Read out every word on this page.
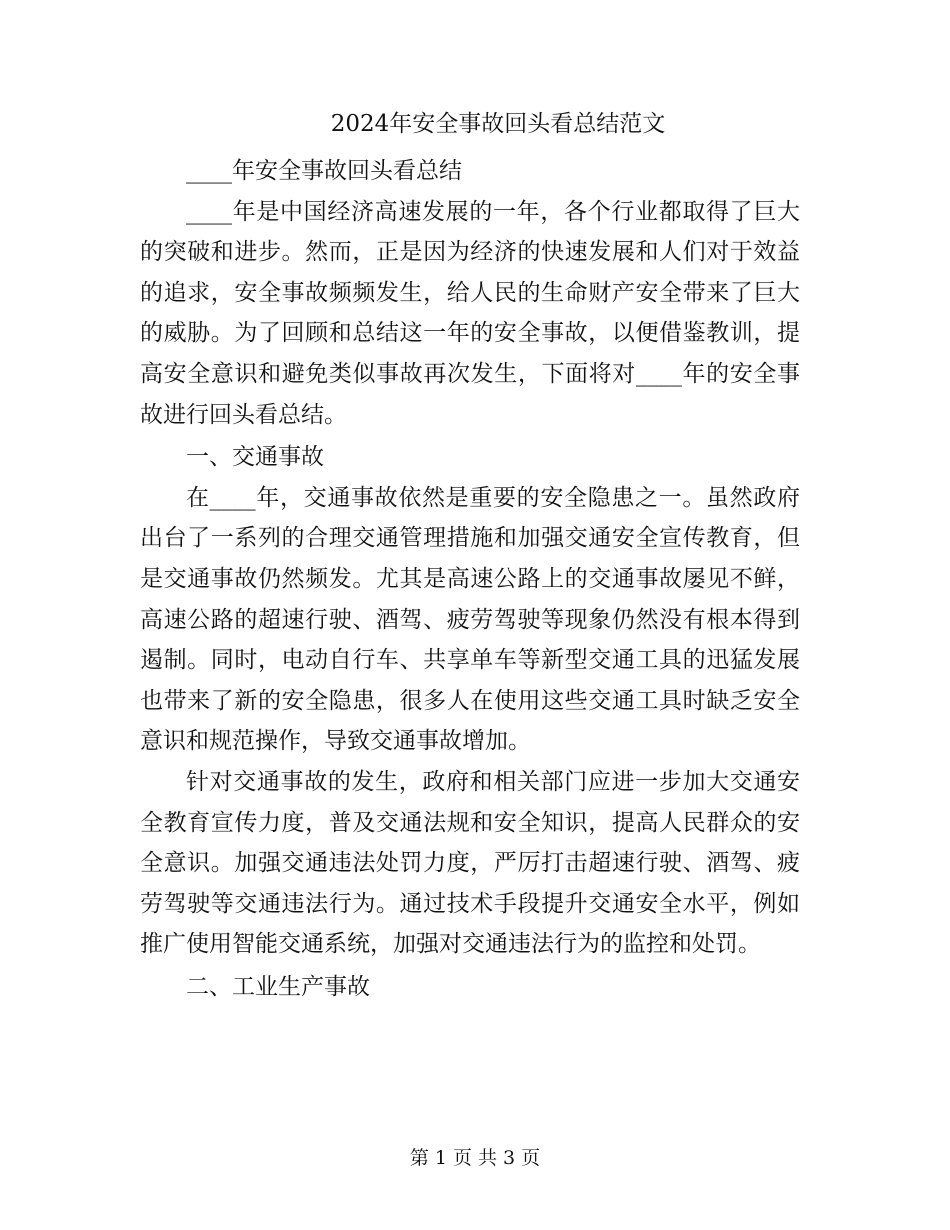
2024年安全事故回头看总结范文

____年安全事故回头看总结

____年是中国经济高速发展的一年，各个行业都取得了巨大的突破和进步。然而，正是因为经济的快速发展和人们对于效益的追求，安全事故频频发生，给人民的生命财产安全带来了巨大的威胁。为了回顾和总结这一年的安全事故，以便借鉴教训，提高安全意识和避免类似事故再次发生，下面将对____年的安全事故进行回头看总结。

一、交通事故

在____年，交通事故依然是重要的安全隐患之一。虽然政府出台了一系列的合理交通管理措施和加强交通安全宣传教育，但是交通事故仍然频发。尤其是高速公路上的交通事故屡见不鲜，高速公路的超速行驶、酒驾、疲劳驾驶等现象仍然没有根本得到遏制。同时，电动自行车、共享单车等新型交通工具的迅猛发展也带来了新的安全隐患，很多人在使用这些交通工具时缺乏安全意识和规范操作，导致交通事故增加。

针对交通事故的发生，政府和相关部门应进一步加大交通安全教育宣传力度，普及交通法规和安全知识，提高人民群众的安全意识。加强交通违法处罚力度，严厉打击超速行驶、酒驾、疲劳驾驶等交通违法行为。通过技术手段提升交通安全水平，例如推广使用智能交通系统，加强对交通违法行为的监控和处罚。

二、工业生产事故

第 1 页 共 3 页
